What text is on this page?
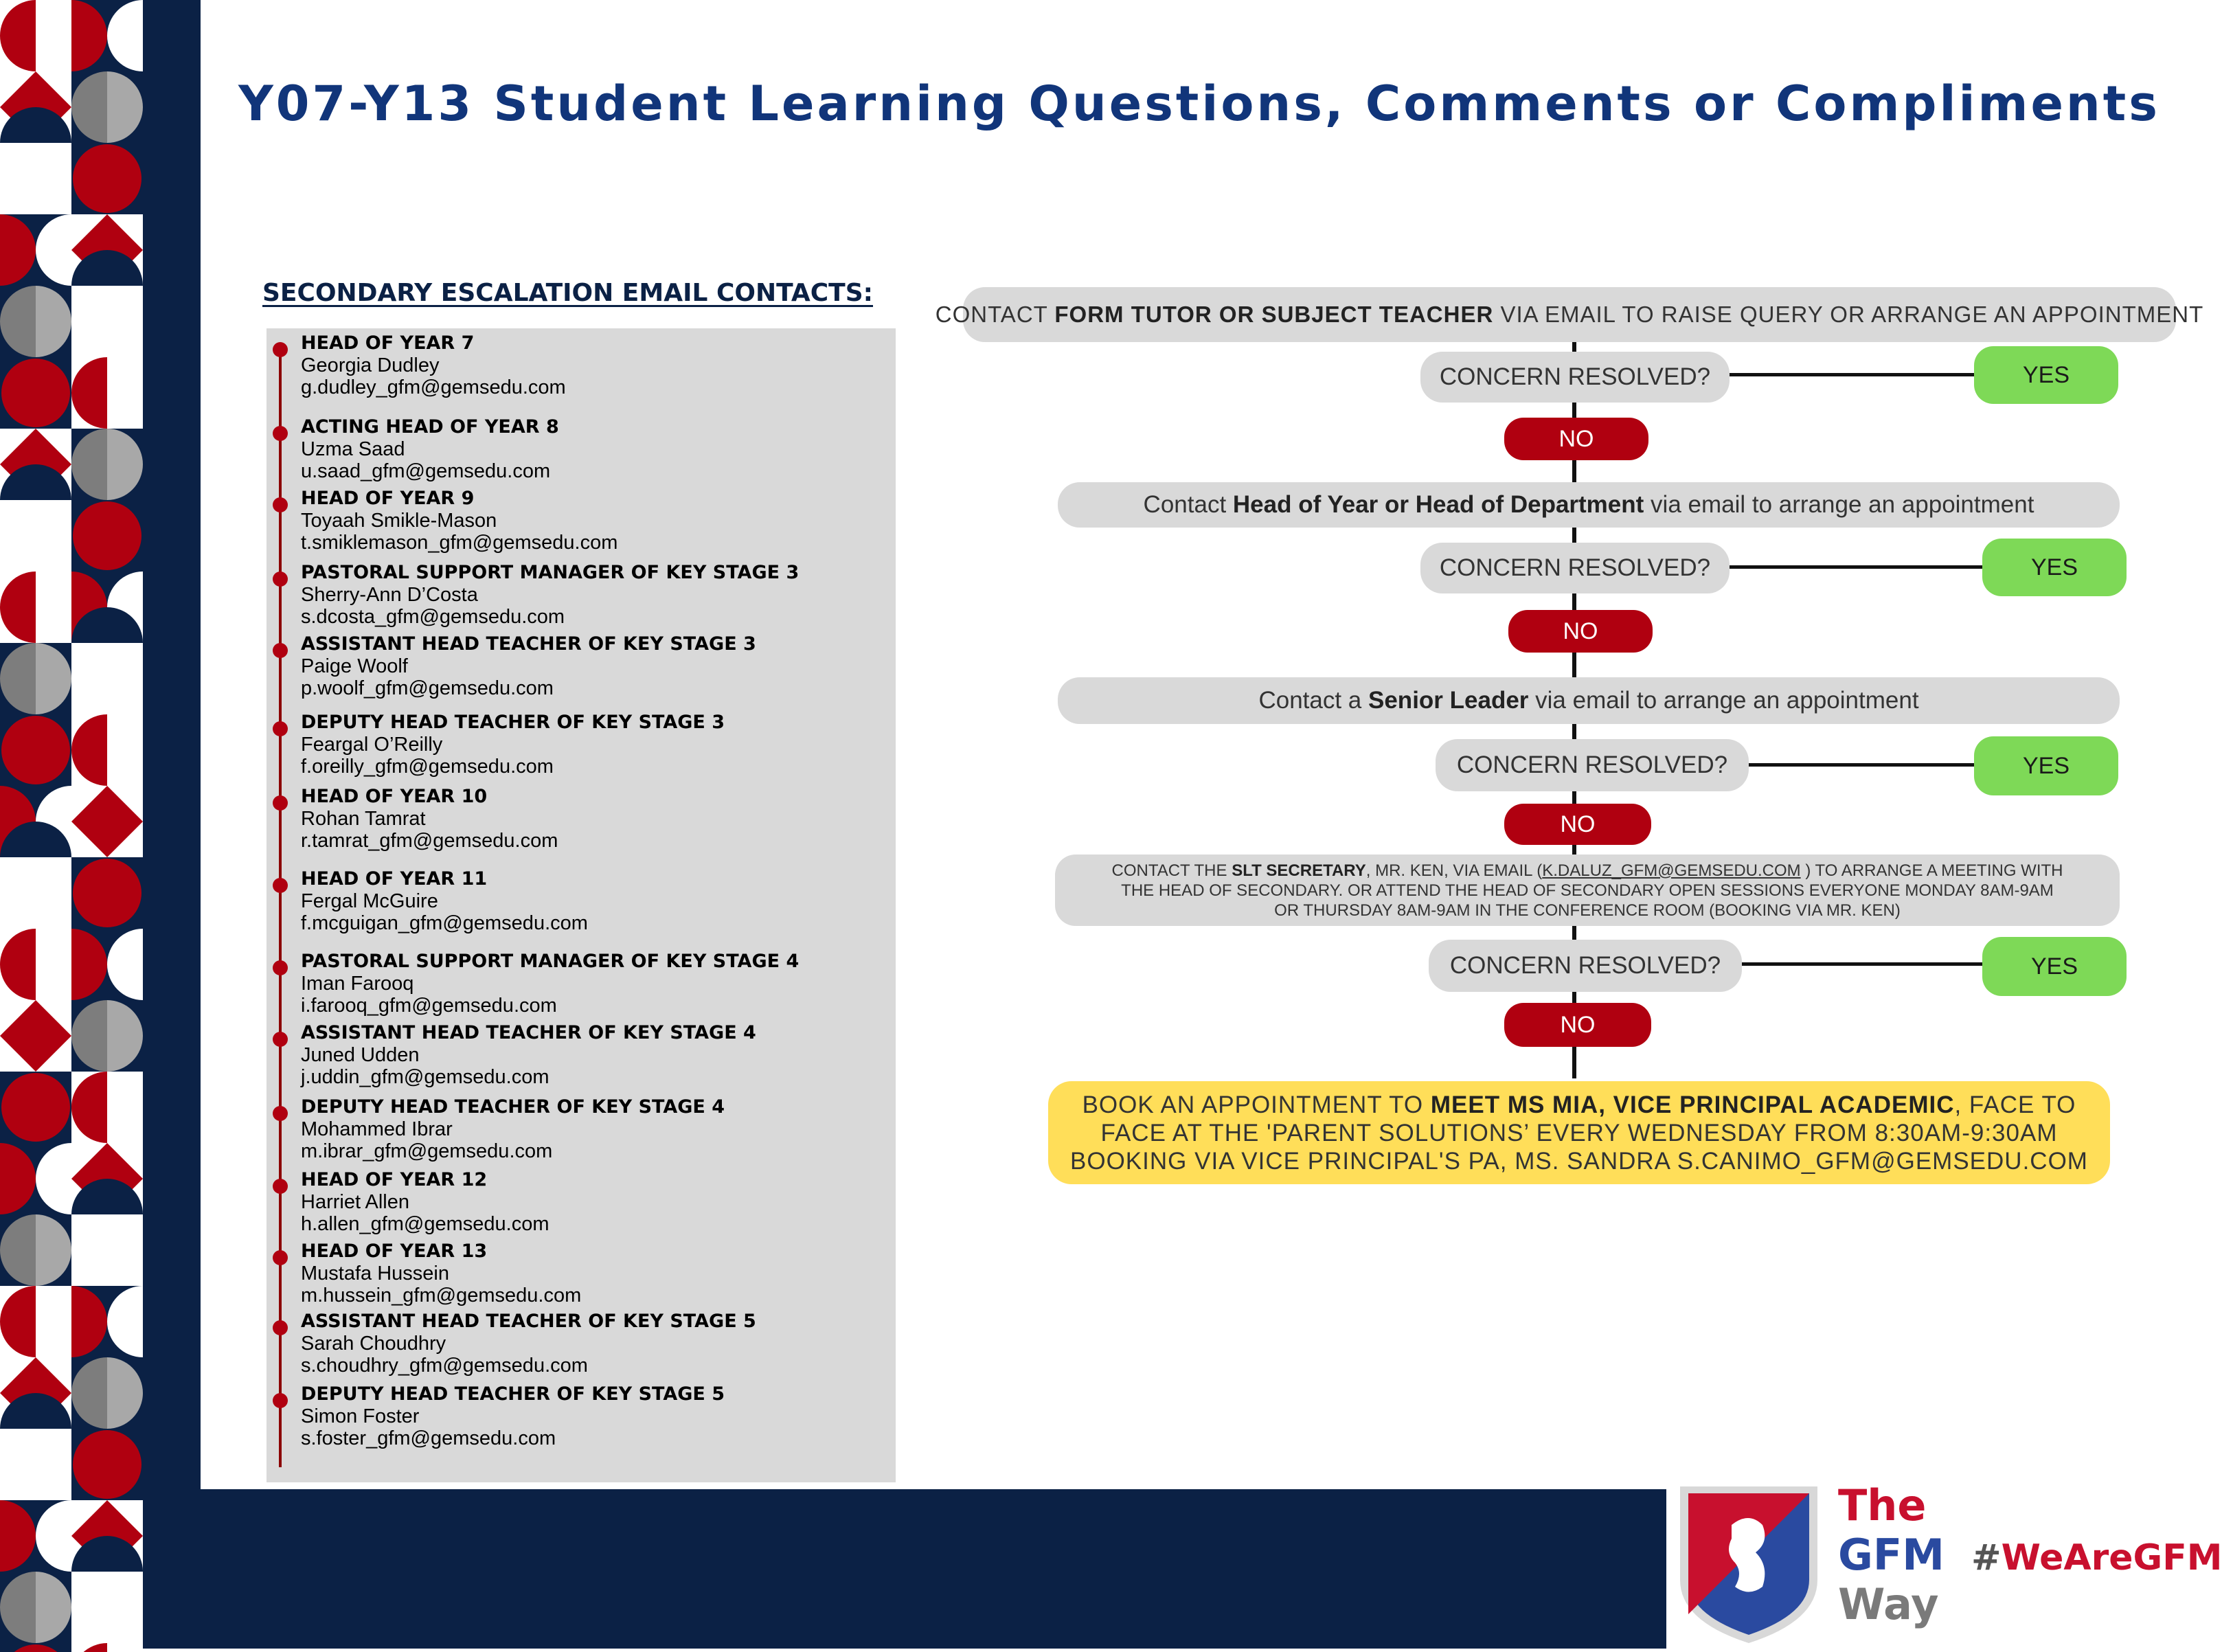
Y07-Y13 Student Learning Questions, Comments or Compliments
SECONDARY ESCALATION EMAIL CONTACTS:
HEAD OF YEAR 7
Georgia Dudley
g.dudley_gfm@gemsedu.com
ACTING HEAD OF YEAR 8
Uzma Saad
u.saad_gfm@gemsedu.com
HEAD OF YEAR 9
Toyaah Smikle-Mason
t.smiklemason_gfm@gemsedu.com
PASTORAL SUPPORT MANAGER OF KEY STAGE 3
Sherry-Ann D’Costa
s.dcosta_gfm@gemsedu.com
ASSISTANT HEAD TEACHER OF KEY STAGE 3
Paige Woolf
p.woolf_gfm@gemsedu.com
DEPUTY HEAD TEACHER OF KEY STAGE 3
Feargal O’Reilly
f.oreilly_gfm@gemsedu.com
HEAD OF YEAR 10
Rohan Tamrat
r.tamrat_gfm@gemsedu.com
HEAD OF YEAR 11
Fergal McGuire
f.mcguigan_gfm@gemsedu.com
PASTORAL SUPPORT MANAGER OF KEY STAGE 4
Iman Farooq
i.farooq_gfm@gemsedu.com
ASSISTANT HEAD TEACHER OF KEY STAGE 4
Juned Udden
j.uddin_gfm@gemsedu.com
DEPUTY HEAD TEACHER OF KEY STAGE 4
Mohammed Ibrar
m.ibrar_gfm@gemsedu.com
HEAD OF YEAR 12
Harriet Allen
h.allen_gfm@gemsedu.com
HEAD OF YEAR 13
Mustafa Hussein
m.hussein_gfm@gemsedu.com
ASSISTANT HEAD TEACHER OF KEY STAGE 5
Sarah Choudhry
s.choudhry_gfm@gemsedu.com
DEPUTY HEAD TEACHER OF KEY STAGE 5
Simon Foster
s.foster_gfm@gemsedu.com
CONTACT FORM TUTOR OR SUBJECT TEACHER VIA EMAIL TO RAISE QUERY OR ARRANGE AN APPOINTMENT
CONCERN RESOLVED?	YES
NO
Contact Head of Year or Head of Department via email to arrange an appointment
CONCERN RESOLVED?	YES
NO
Contact a Senior Leader via email to arrange an appointment
CONCERN RESOLVED?	YES
NO
CONTACT THE SLT SECRETARY, MR. KEN, VIA EMAIL (K.DALUZ_GFM@GEMSEDU.COM ) TO ARRANGE A MEETING WITH
THE HEAD OF SECONDARY. OR ATTEND THE HEAD OF SECONDARY OPEN SESSIONS EVERYONE MONDAY 8AM-9AM
OR THURSDAY 8AM-9AM IN THE CONFERENCE ROOM (BOOKING VIA MR. KEN)
CONCERN RESOLVED?	YES
NO
BOOK AN APPOINTMENT TO MEET MS MIA, VICE PRINCIPAL ACADEMIC, FACE TO
FACE AT THE 'PARENT SOLUTIONS’ EVERY WEDNESDAY FROM 8:30AM-9:30AM
BOOKING VIA VICE PRINCIPAL'S PA, MS. SANDRA S.CANIMO_GFM@GEMSEDU.COM
The
GFM
Way
#WeAreGFM
